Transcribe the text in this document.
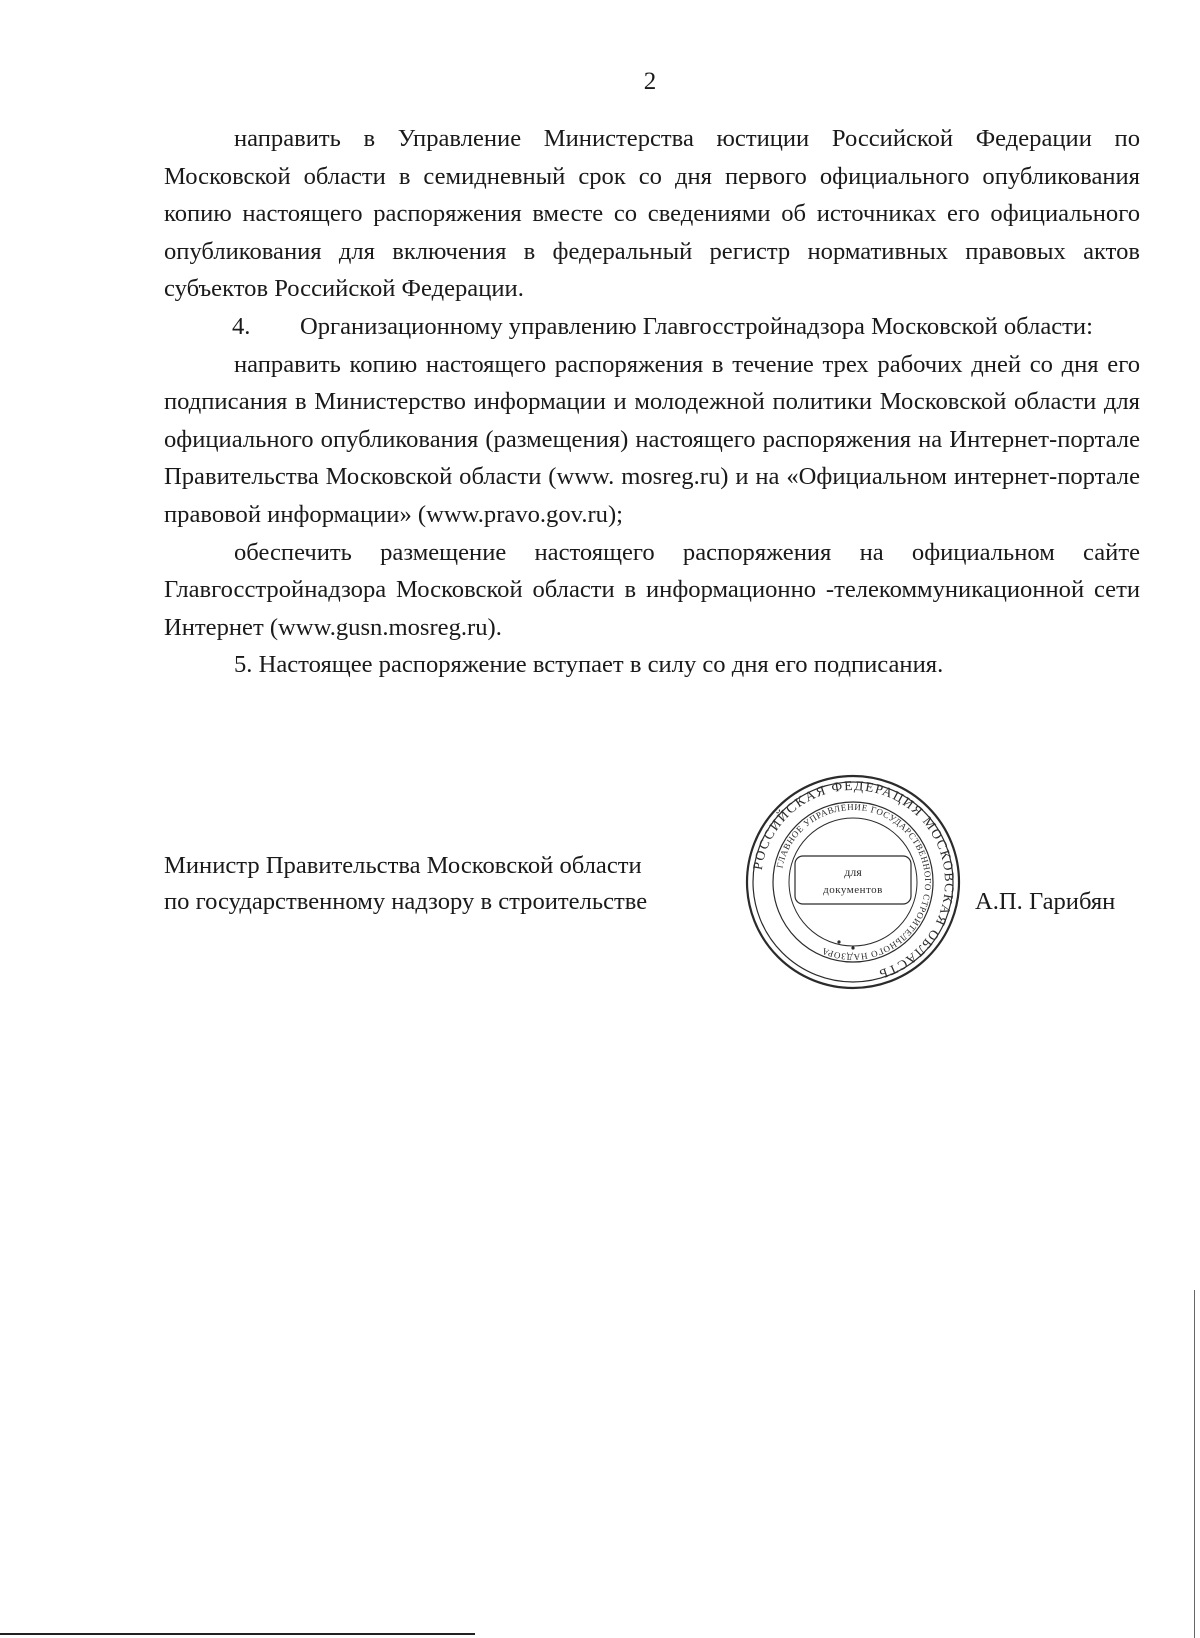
2

направить в Управление Министерства юстиции Российской Федерации по Московской области в семидневный срок со дня первого официального опубликования копию настоящего распоряжения вместе со сведениями об источниках его официального опубликования для включения в федеральный регистр нормативных правовых актов субъектов Российской Федерации.

4. Организационному управлению Главгосстройнадзора Московской области:

направить копию настоящего распоряжения в течение трех рабочих дней со дня его подписания в Министерство информации и молодежной политики Московской области для официального опубликования (размещения) настоящего распоряжения на Интернет-портале Правительства Московской области (www. mosreg.ru) и на «Официальном интернет-портале правовой информации» (www.pravo.gov.ru);

обеспечить размещение настоящего распоряжения на официальном сайте Главгосстройнадзора Московской области в информационно -телекоммуникационной сети Интернет (www.gusn.mosreg.ru).

5. Настоящее распоряжение вступает в силу со дня его подписания.

Министр Правительства Московской области
по государственному надзору в строительстве	А.П. Гарибян
РОССИЙСКАЯ ФЕДЕРАЦИЯ МОСКОВСКАЯ ОБЛАСТЬ
ГЛАВНОЕ УПРАВЛЕНИЕ ГОСУДАРСТВЕННОГО СТРОИТЕЛЬНОГО НАДЗОРА
для
документов
